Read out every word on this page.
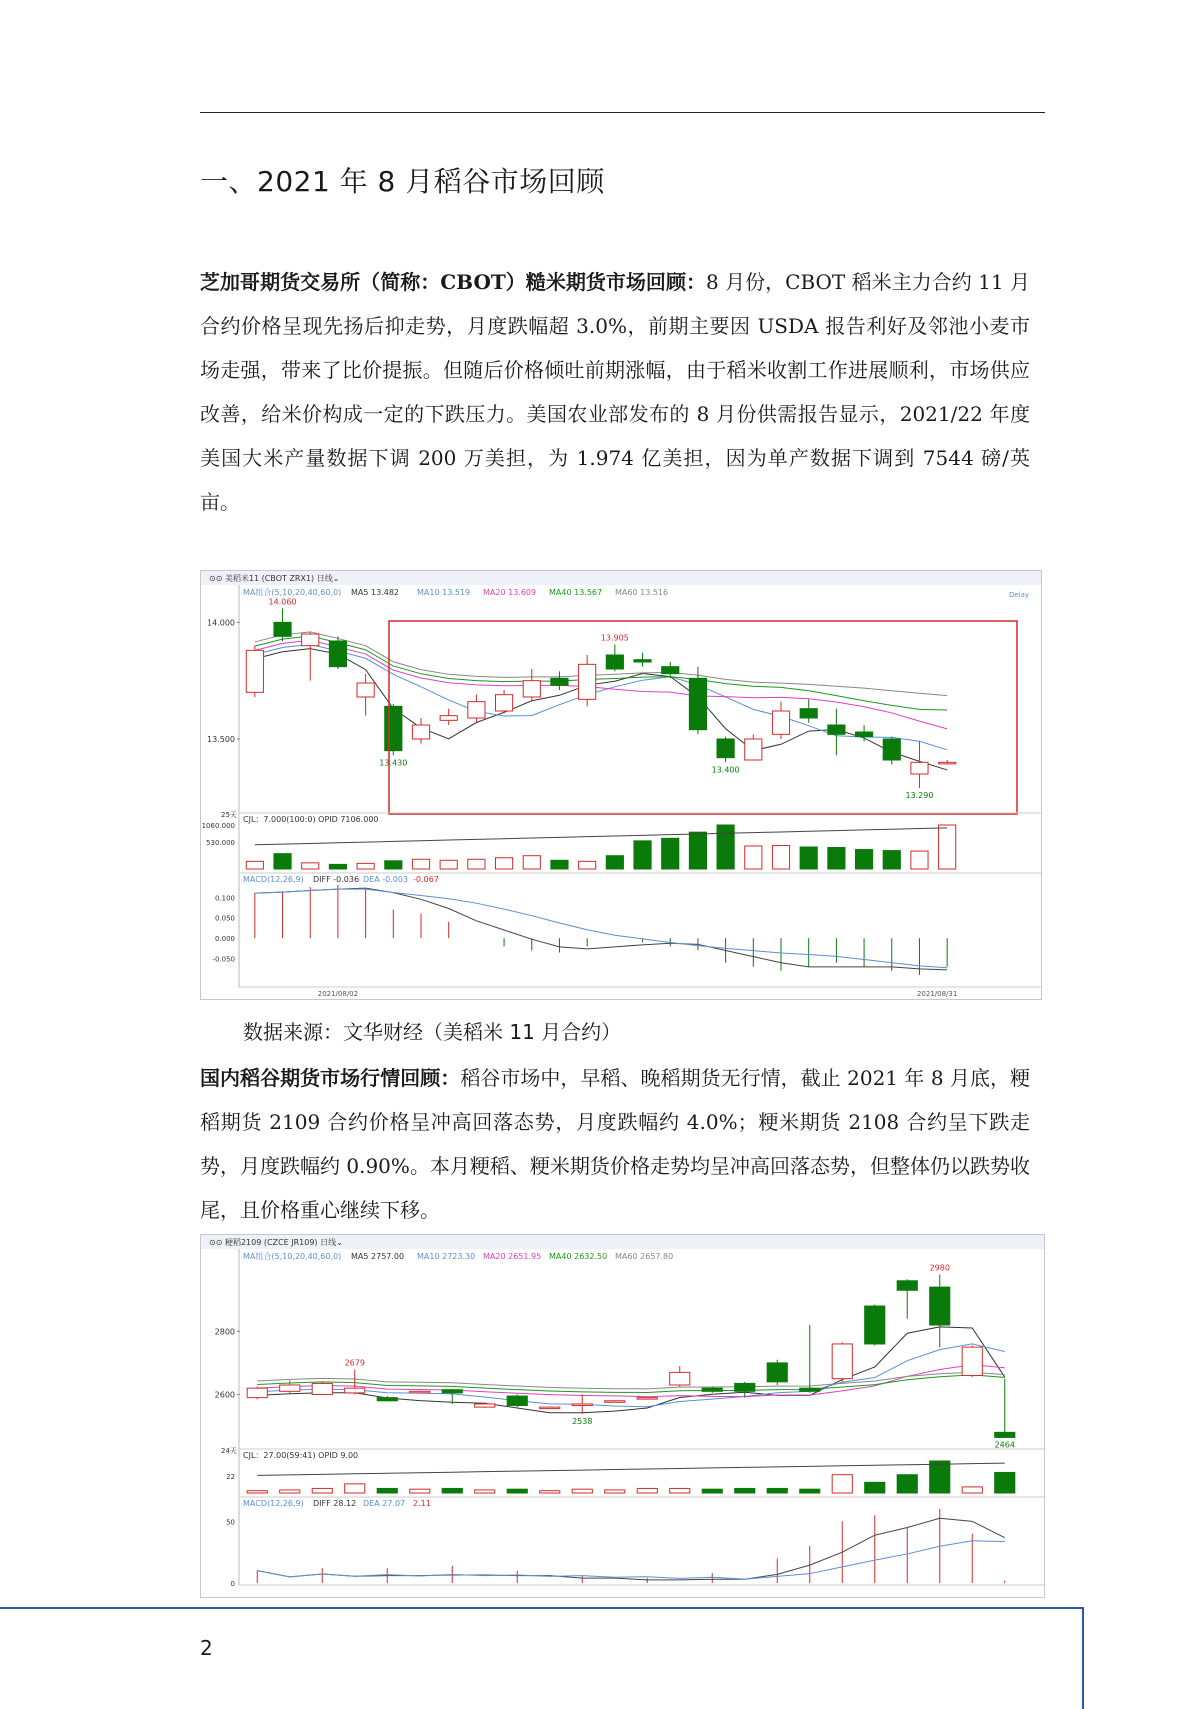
一、2021 年 8 月稻谷市场回顾

芝加哥期货交易所（简称：CBOT）糙米期货市场回顾：8 月份，CBOT 稻米主力合约 11 月合约价格呈现先扬后抑走势，月度跌幅超 3.0%，前期主要因 USDA 报告利好及邻池小麦市场走强，带来了比价提振。但随后价格倾吐前期涨幅，由于稻米收割工作进展顺利，市场供应改善，给米价构成一定的下跌压力。美国农业部发布的 8 月份供需报告显示，2021/22 年度美国大米产量数据下调 200 万美担，为 1.974 亿美担，因为单产数据下调到 7544 磅/英亩。

⊙⊙ 美稻米11 (CBOT ZRX1) 日线⌄
MA组合(5,10,20,40,60,0) MA5 13.482 MA10 13.519 MA20 13.609 MA40 13.567 MA60 13.516	Delay
14.000
13.500
14.060
13.905
13.430
13.400
13.290
25天 CJL：7.000(100:0) OPID 7106.000
1060.000
530.000
MACD(12,26,9) DIFF -0.036 DEA -0.003 -0.067
0.100
0.050
0.000
-0.050
2021/08/02	2021/08/31

数据来源：文华财经（美稻米 11 月合约）

国内稻谷期货市场行情回顾：稻谷市场中，早稻、晚稻期货无行情，截止 2021 年 8 月底，粳稻期货 2109 合约价格呈冲高回落态势，月度跌幅约 4.0%；粳米期货 2108 合约呈下跌走势，月度跌幅约 0.90%。本月粳稻、粳米期货价格走势均呈冲高回落态势，但整体仍以跌势收尾，且价格重心继续下移。

⊙⊙ 粳稻2109 (CZCE JR109) 日线⌄
MA组合(5,10,20,40,60,0) MA5 2757.00 MA10 2723.30 MA20 2651.95 MA40 2632.50 MA60 2657.80
2800
2600
2679
2538
2980
2464
24天 CJL：27.00(59:41) OPID 9.00
22
MACD(12,26,9) DIFF 28.12 DEA 27.07 2.11
50
0
2
